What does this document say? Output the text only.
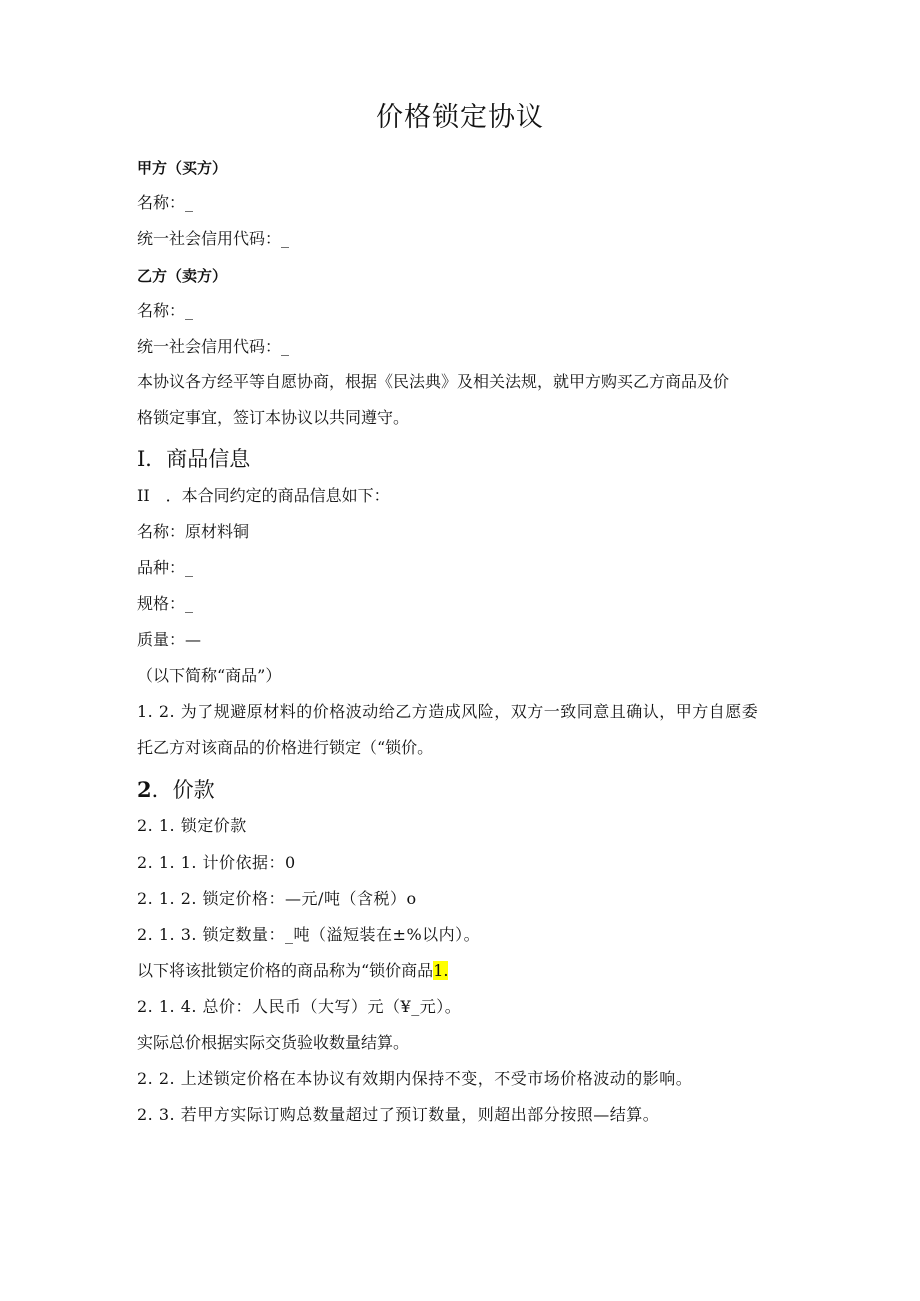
价格锁定协议
甲方（买方）
名称：_
统一社会信用代码：_
乙方（卖方）
名称：_
统一社会信用代码：_
本协议各方经平等自愿协商，根据《民法典》及相关法规，就甲方购买乙方商品及价
格锁定事宜，签订本协议以共同遵守。
I．商品信息
II　．本合同约定的商品信息如下：
名称：原材料铜
品种：_
规格：_
质量：—
（以下简称“商品”）
1. 2. 为了规避原材料的价格波动给乙方造成风险，双方一致同意且确认，甲方自愿委
托乙方对该商品的价格进行锁定（“锁价。
2．价款
2. 1. 锁定价款
2. 1. 1. 计价依据：0
2. 1. 2. 锁定价格：—元/吨（含税）o
2. 1. 3. 锁定数量：_吨（溢短装在±%以内）。
以下将该批锁定价格的商品称为“锁价商品1.
2. 1. 4. 总价：人民币（大写）元（¥_元）。
实际总价根据实际交货验收数量结算。
2. 2. 上述锁定价格在本协议有效期内保持不变，不受市场价格波动的影响。
2. 3. 若甲方实际订购总数量超过了预订数量，则超出部分按照—结算。
